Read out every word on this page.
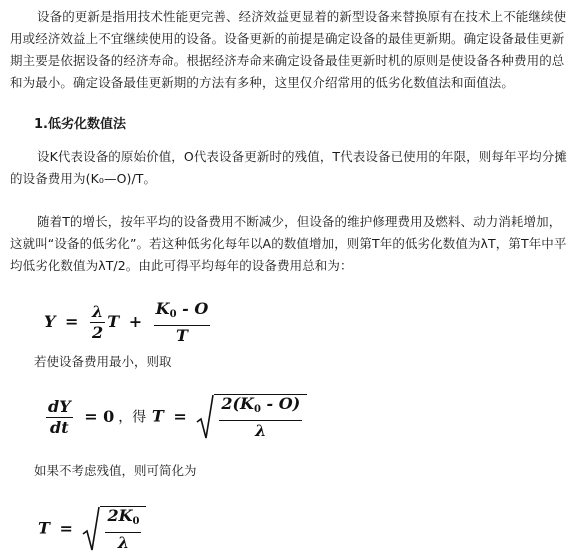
设备的更新是指用技术性能更完善、经济效益更显着的新型设备来替换原有在技术上不能继续使用或经济效益上不宜继续使用的设备。设备更新的前提是确定设备的最佳更新期。确定设备最佳更新期主要是依据设备的经济寿命。根据经济寿命来确定设备最佳更新时机的原则是使设备各种费用的总和为最小。确定设备最佳更新期的方法有多种，这里仅介绍常用的低劣化数值法和面值法。

1.低劣化数值法

设K代表设备的原始价值，O代表设备更新时的残值，T代表设备已使用的年限，则每年平均分摊的设备费用为(K₀—O)/T。

随着T的增长，按年平均的设备费用不断减少，但设备的维护修理费用及燃料、动力消耗增加，这就叫“设备的低劣化”。若这种低劣化每年以A的数值增加，则第T年的低劣化数值为λT，第T年中平均低劣化数值为λT/2。由此可得平均每年的设备费用总和为：

$Y = \frac{\lambda}{2}$ $T + \frac{K_0 - O}{T}$
若使设备费用最小，则取
$\frac{dY}{dt} = 0$ ，得 $T = \frac{2(K_0 - O)}{\lambda}$
如果不考虑残值，则可简化为
$T = \frac{2K_0}{\lambda}$
